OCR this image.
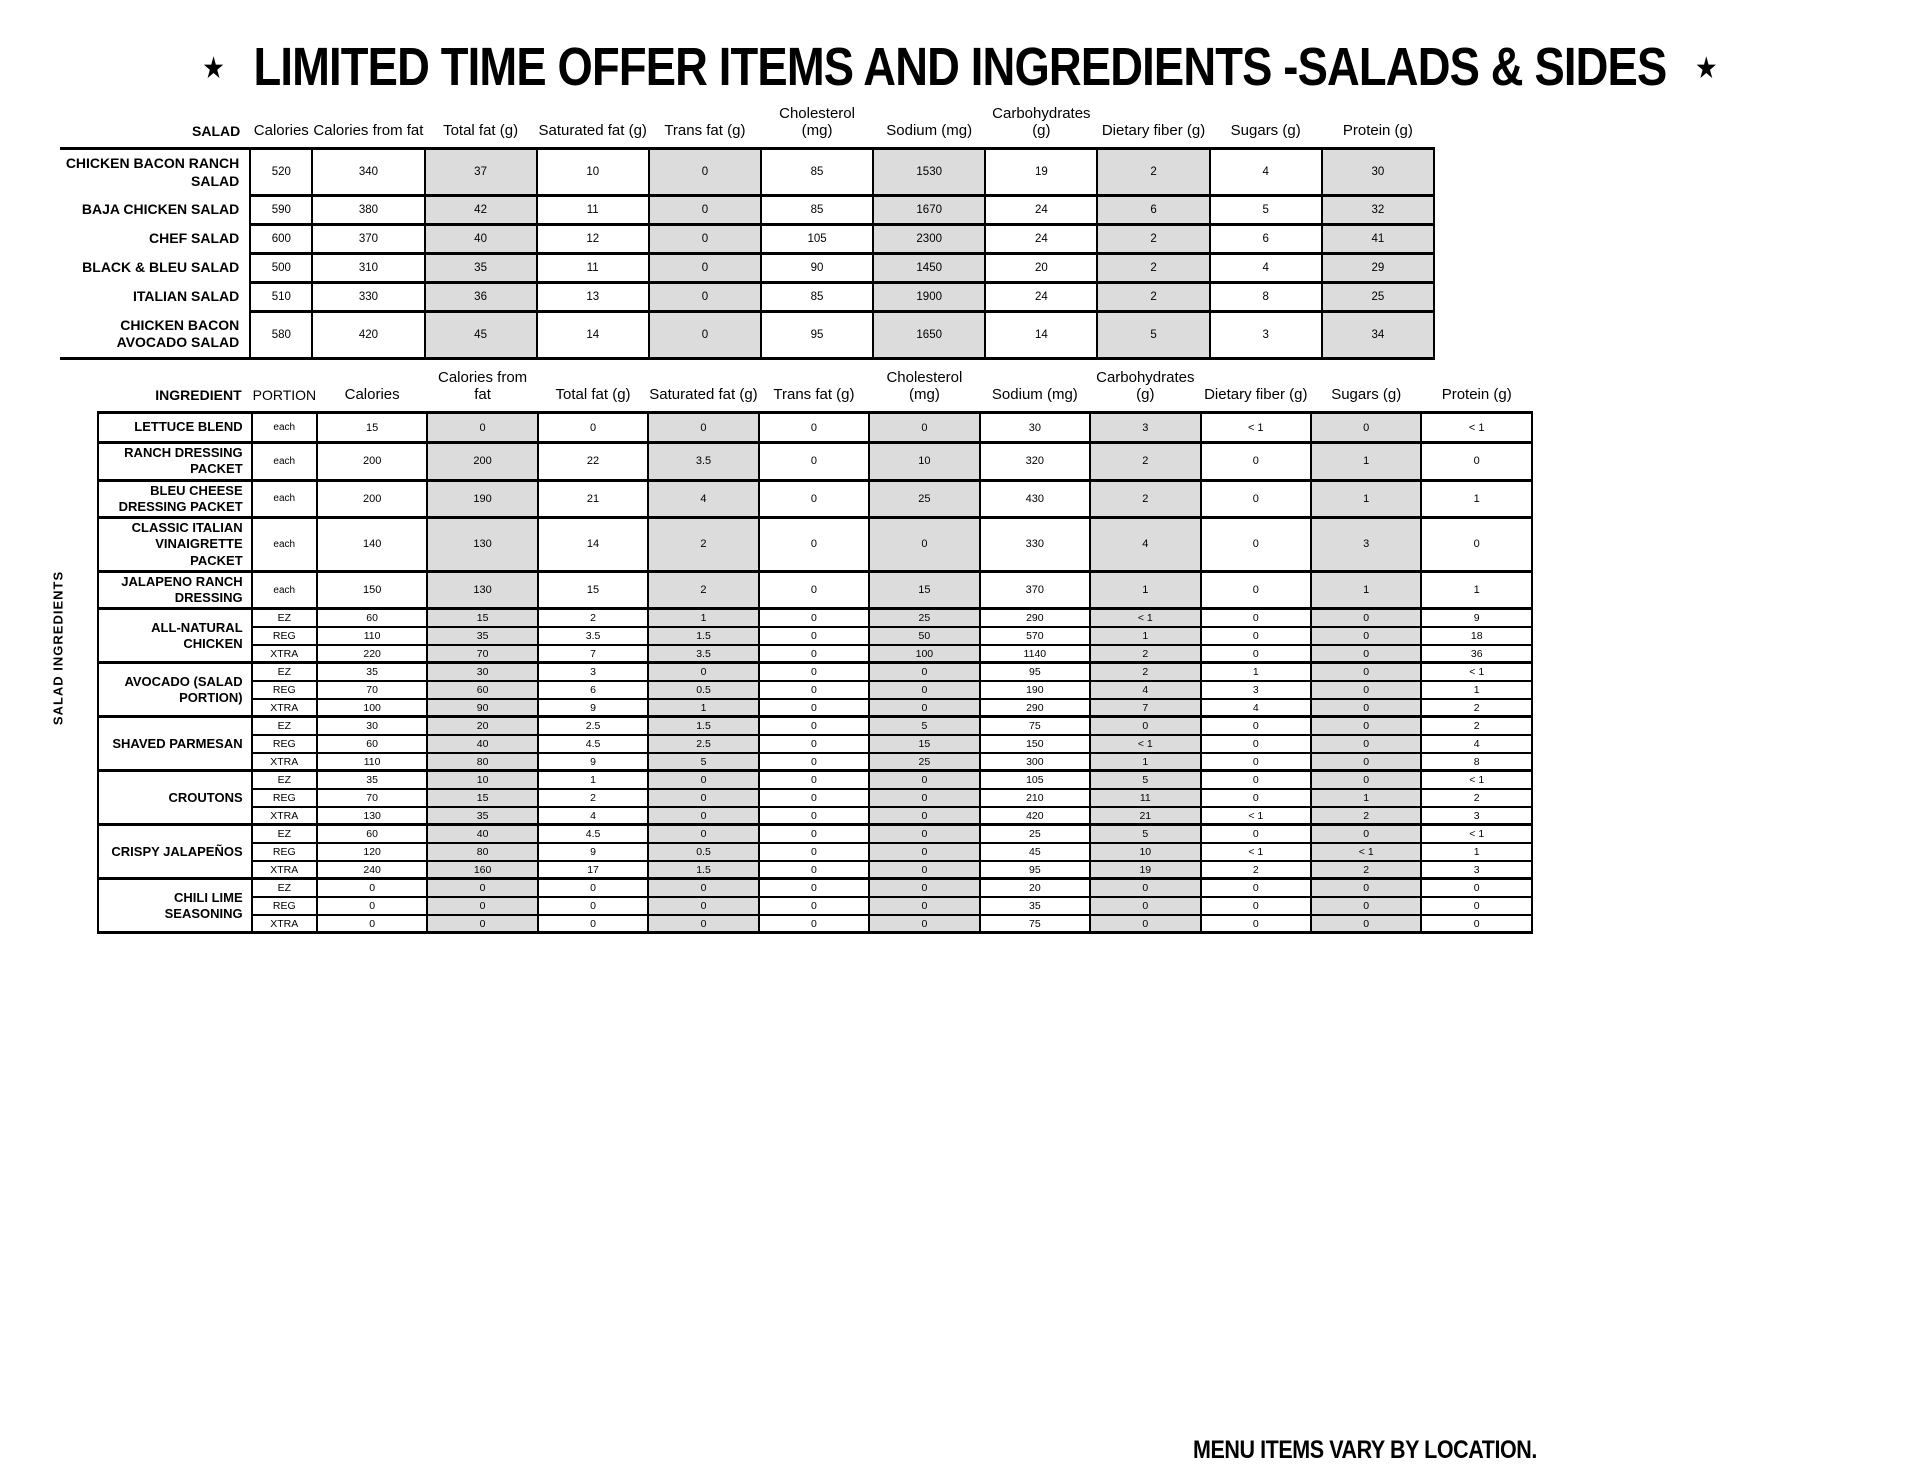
★ LIMITED TIME OFFER ITEMS AND INGREDIENTS -SALADS & SIDES ★
SALAD	Calories	Calories from fat	Total fat (g)	Saturated fat (g)	Trans fat (g)	Cholesterol (mg)	Sodium (mg)	Carbohydrates (g)	Dietary fiber (g)	Sugars (g)	Protein (g)
CHICKEN BACON RANCH SALAD	520	340	37	10	0	85	1530	19	2	4	30
BAJA CHICKEN SALAD	590	380	42	11	0	85	1670	24	6	5	32
CHEF SALAD	600	370	40	12	0	105	2300	24	2	6	41
BLACK & BLEU SALAD	500	310	35	11	0	90	1450	20	2	4	29
ITALIAN SALAD	510	330	36	13	0	85	1900	24	2	8	25
CHICKEN BACON AVOCADO SALAD	580	420	45	14	0	95	1650	14	5	3	34
SALAD INGREDIENTS
INGREDIENT	PORTION	Calories	Calories from fat	Total fat (g)	Saturated fat (g)	Trans fat (g)	Cholesterol (mg)	Sodium (mg)	Carbohydrates (g)	Dietary fiber (g)	Sugars (g)	Protein (g)
LETTUCE BLEND	each	15	0	0	0	0	0	30	3	< 1	0	< 1
RANCH DRESSING PACKET	each	200	200	22	3.5	0	10	320	2	0	1	0
BLEU CHEESE DRESSING PACKET	each	200	190	21	4	0	25	430	2	0	1	1
CLASSIC ITALIAN VINAIGRETTE PACKET	each	140	130	14	2	0	0	330	4	0	3	0
JALAPENO RANCH DRESSING	each	150	130	15	2	0	15	370	1	0	1	1
ALL-NATURAL CHICKEN	EZ	60	15	2	1	0	25	290	< 1	0	0	9
	REG	110	35	3.5	1.5	0	50	570	1	0	0	18
	XTRA	220	70	7	3.5	0	100	1140	2	0	0	36
AVOCADO (SALAD PORTION)	EZ	35	30	3	0	0	0	95	2	1	0	< 1
	REG	70	60	6	0.5	0	0	190	4	3	0	1
	XTRA	100	90	9	1	0	0	290	7	4	0	2
SHAVED PARMESAN	EZ	30	20	2.5	1.5	0	5	75	0	0	0	2
	REG	60	40	4.5	2.5	0	15	150	< 1	0	0	4
	XTRA	110	80	9	5	0	25	300	1	0	0	8
CROUTONS	EZ	35	10	1	0	0	0	105	5	0	0	< 1
	REG	70	15	2	0	0	0	210	11	0	1	2
	XTRA	130	35	4	0	0	0	420	21	< 1	2	3
CRISPY JALAPEÑOS	EZ	60	40	4.5	0	0	0	25	5	0	0	< 1
	REG	120	80	9	0.5	0	0	45	10	< 1	< 1	1
	XTRA	240	160	17	1.5	0	0	95	19	2	2	3
CHILI LIME SEASONING	EZ	0	0	0	0	0	0	20	0	0	0	0
	REG	0	0	0	0	0	0	35	0	0	0	0
	XTRA	0	0	0	0	0	0	75	0	0	0	0
MENU ITEMS VARY BY LOCATION.
